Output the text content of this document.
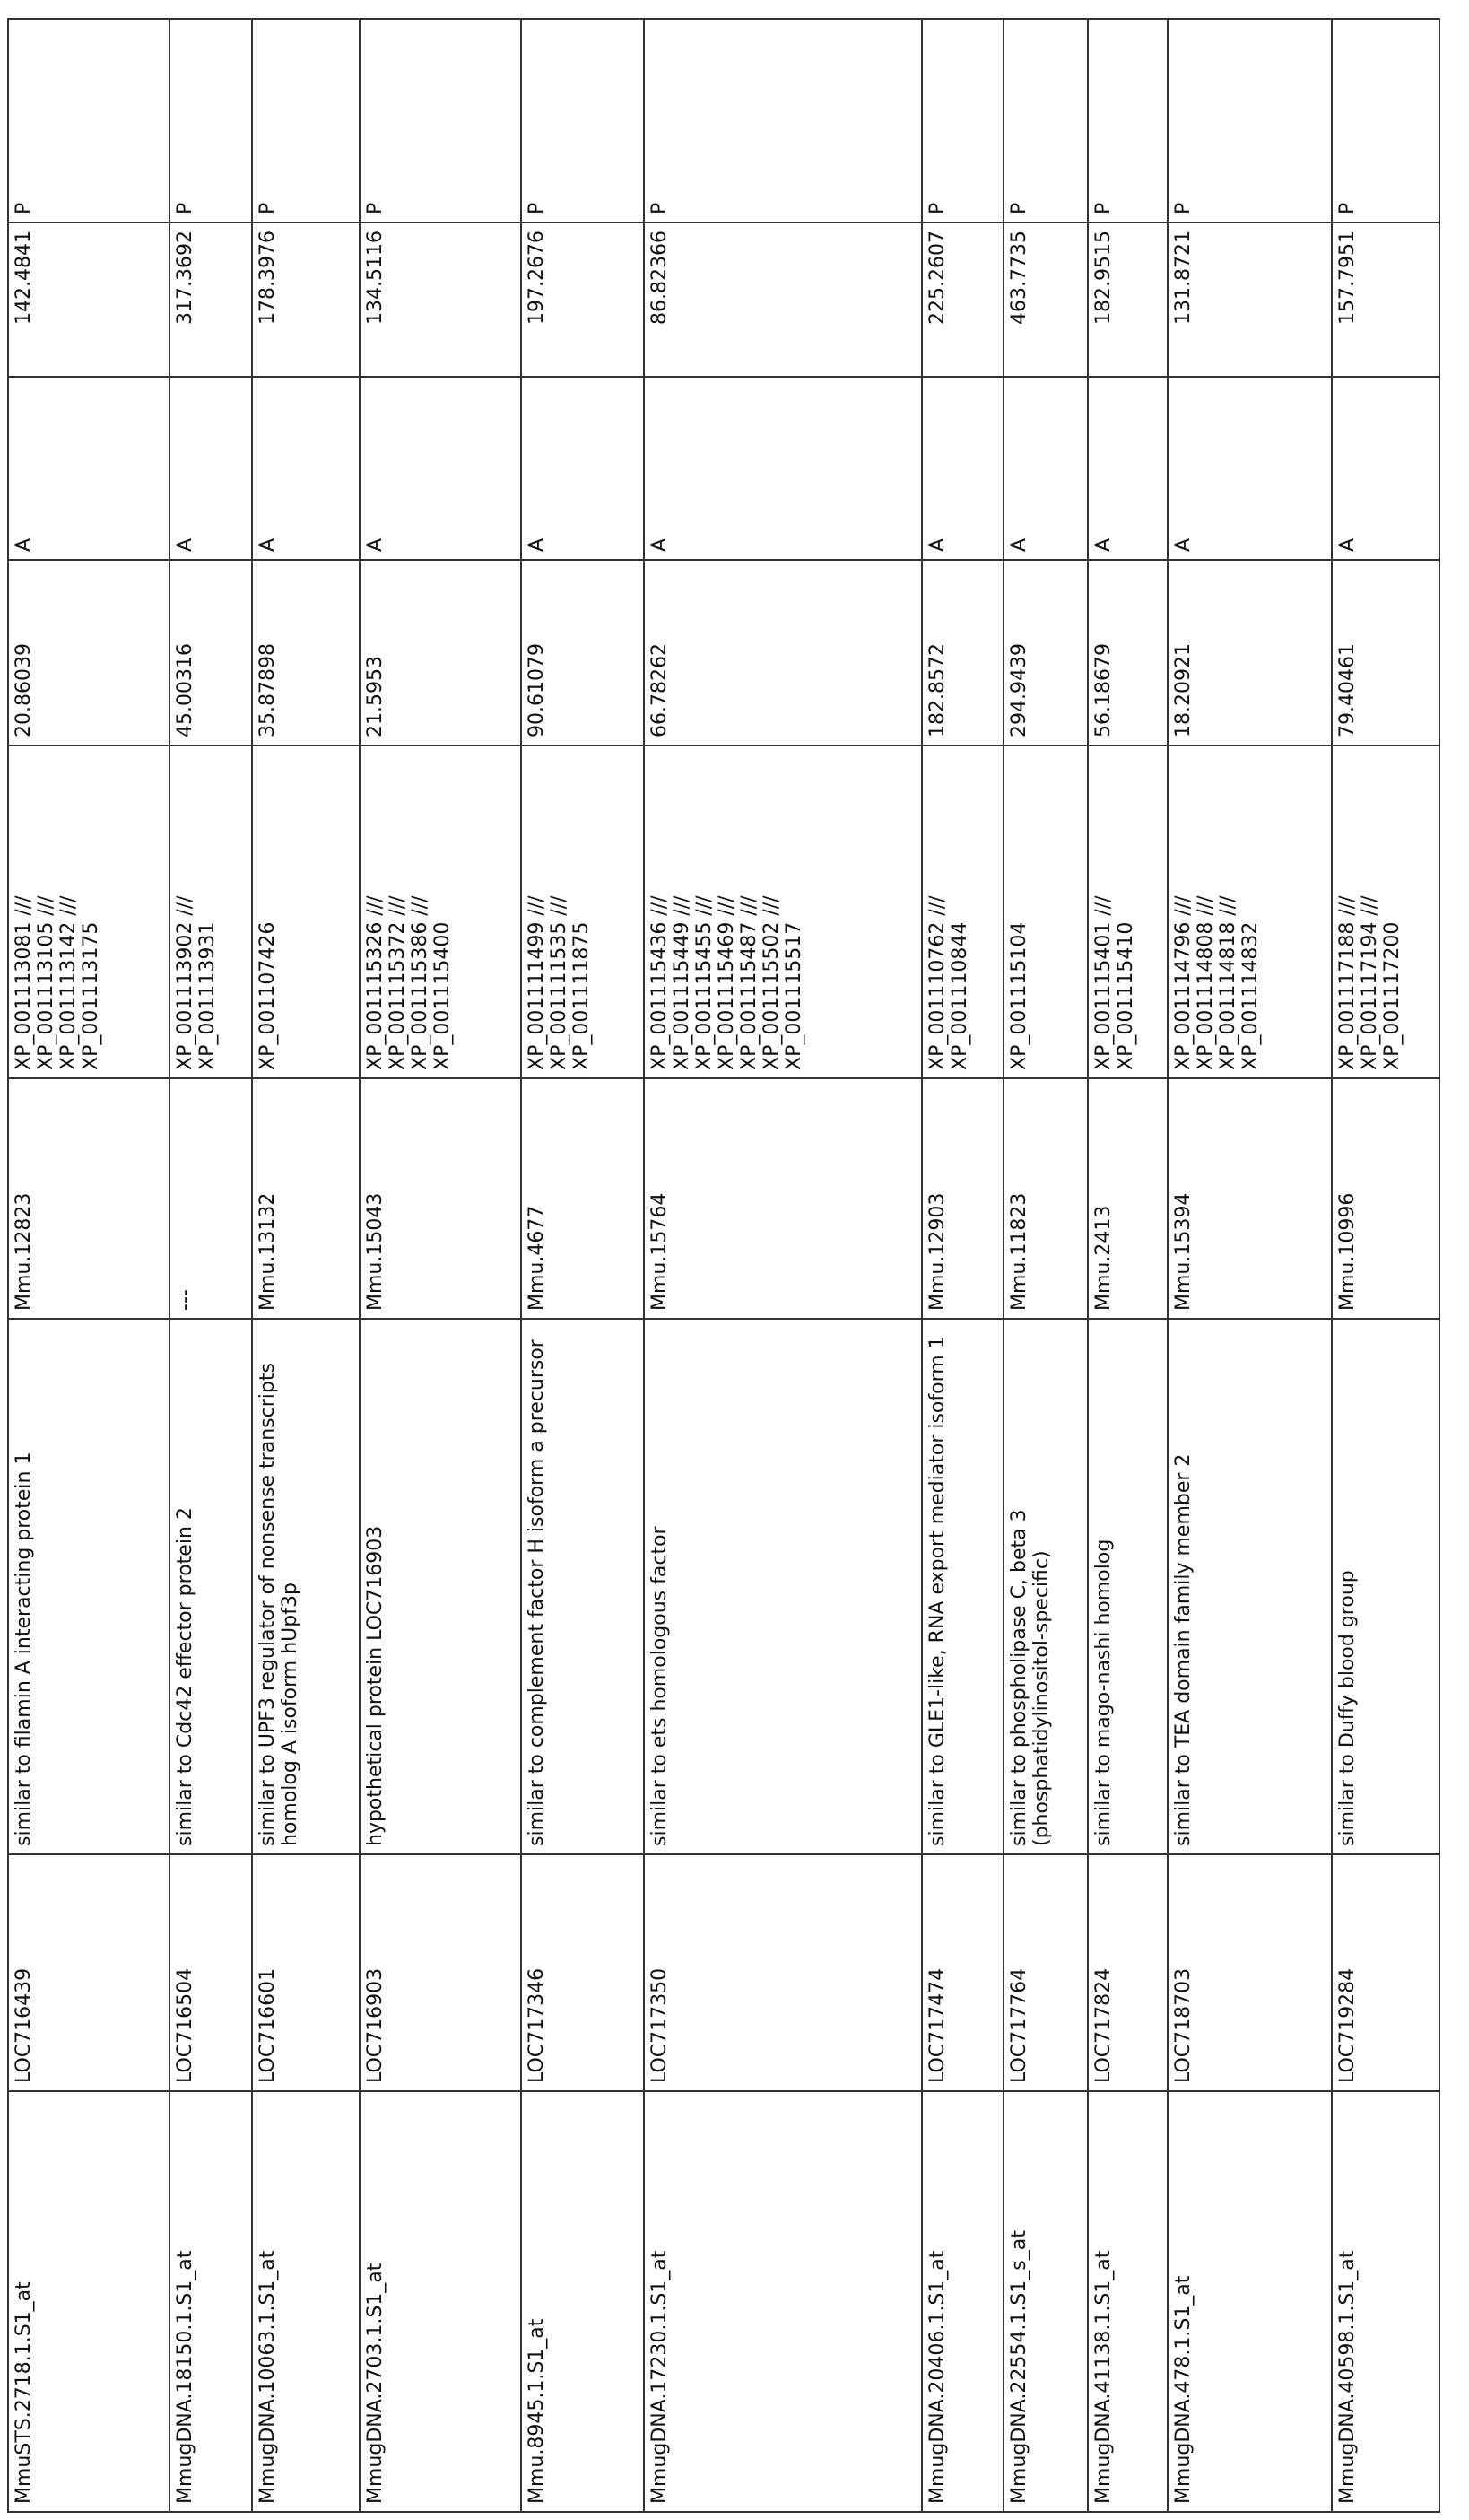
MmuSTS.2718.1.S1_at	LOC716439	similar to filamin A interacting protein 1	Mmu.12823	XP_001113081 /// XP_001113105 /// XP_001113142 /// XP_001113175	20.86039	A	142.4841	P
MmugDNA.18150.1.S1_at	LOC716504	similar to Cdc42 effector protein 2	---	XP_001113902 /// XP_001113931	45.00316	A	317.3692	P
MmugDNA.10063.1.S1_at	LOC716601	similar to UPF3 regulator of nonsense transcripts homolog A isoform hUpf3p	Mmu.13132	XP_001107426	35.87898	A	178.3976	P
MmugDNA.2703.1.S1_at	LOC716903	hypothetical protein LOC716903	Mmu.15043	XP_001115326 /// XP_001115372 /// XP_001115386 /// XP_001115400	21.5953	A	134.5116	P
Mmu.8945.1.S1_at	LOC717346	similar to complement factor H isoform a precursor	Mmu.4677	XP_001111499 /// XP_001111535 /// XP_001111875	90.61079	A	197.2676	P
MmugDNA.17230.1.S1_at	LOC717350	similar to ets homologous factor	Mmu.15764	XP_001115436 /// XP_001115449 /// XP_001115455 /// XP_001115469 /// XP_001115487 /// XP_001115502 /// XP_001115517	66.78262	A	86.82366	P
MmugDNA.20406.1.S1_at	LOC717474	similar to GLE1-like, RNA export mediator isoform 1	Mmu.12903	XP_001110762 /// XP_001110844	182.8572	A	225.2607	P
MmugDNA.22554.1.S1_s_at	LOC717764	similar to phospholipase C, beta 3 (phosphatidylinositol-specific)	Mmu.11823	XP_001115104	294.9439	A	463.7735	P
MmugDNA.41138.1.S1_at	LOC717824	similar to mago-nashi homolog	Mmu.2413	XP_001115401 /// XP_001115410	56.18679	A	182.9515	P
MmugDNA.478.1.S1_at	LOC718703	similar to TEA domain family member 2	Mmu.15394	XP_001114796 /// XP_001114808 /// XP_001114818 /// XP_001114832	18.20921	A	131.8721	P
MmugDNA.40598.1.S1_at	LOC719284	similar to Duffy blood group	Mmu.10996	XP_001117188 /// XP_001117194 /// XP_001117200	79.40461	A	157.7951	P
